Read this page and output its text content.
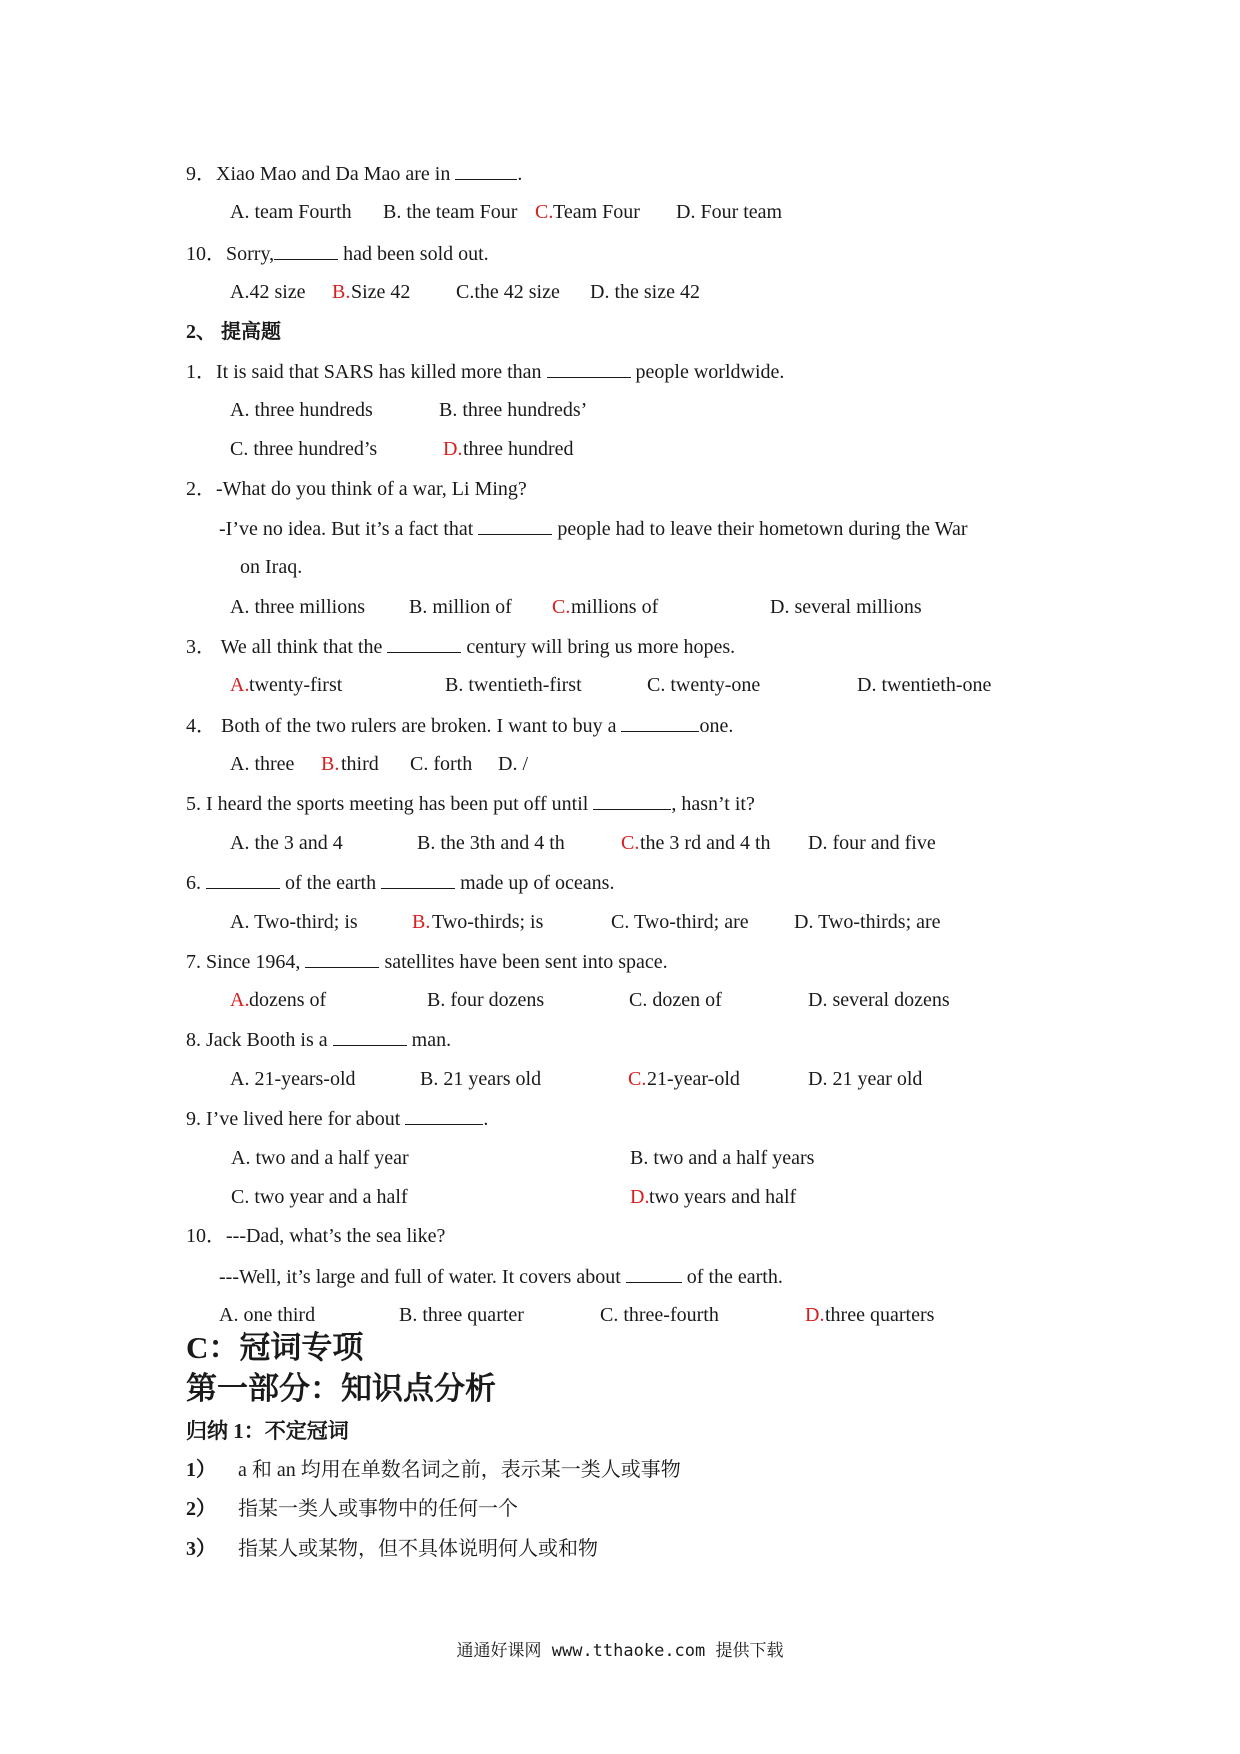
9．Xiao Mao and Da Mao are in	.
A. team Fourth B. the team Four C. Team Four D. Four team
10．Sorry,	had been sold out.
A.42 size B. Size 42 C.the 42 size D. the size 42
2、 提高题
1．It is said that SARS has killed more than	people worldwide.
A. three hundreds	B. three hundreds’
C. three hundred’s	D. three hundred
2．-What do you think of a war, Li Ming?
-I’ve no idea. But it’s a fact that	people had to leave their hometown during the War
on Iraq.
A. three millions B. million of C. millions of	D. several millions
3． We all think that the	century will bring us more hopes.
A. twenty-first	B. twentieth-first	C. twenty-one	D. twentieth-one
4． Both of the two rulers are broken. I want to buy a	one.
A. three B. third C. forth D. /
5. I heard the sports meeting has been put off until	, hasn’t it?
A. the 3 and 4	B. the 3th and 4 th	C. the 3 rd and 4 th D. four and five
6.	of the earth	made up of oceans.
A. Two-third; is	B. Two-thirds; is	C. Two-third; are D. Two-thirds; are
7. Since 1964,	satellites have been sent into space.
A. dozens of	B. four dozens	C. dozen of	D. several dozens
8. Jack Booth is a	man.
A. 21-years-old	B. 21 years old	C. 21-year-old	D. 21 year old
9. I’ve lived here for about	.
A. two and a half year	B. two and a half years
C. two year and a half	D. two years and half
10．---Dad, what’s the sea like?
---Well, it’s large and full of water. It covers about	of the earth.
A. one third	B. three quarter	C. three-fourth	D. three quarters
C：冠词专项
第一部分：知识点分析
归纳 1：不定冠词
1） a 和 an 均用在单数名词之前，表示某一类人或事物
2） 指某一类人或事物中的任何一个
3） 指某人或某物，但不具体说明何人或和物
通通好课网 www.tthaoke.com 提供下载
